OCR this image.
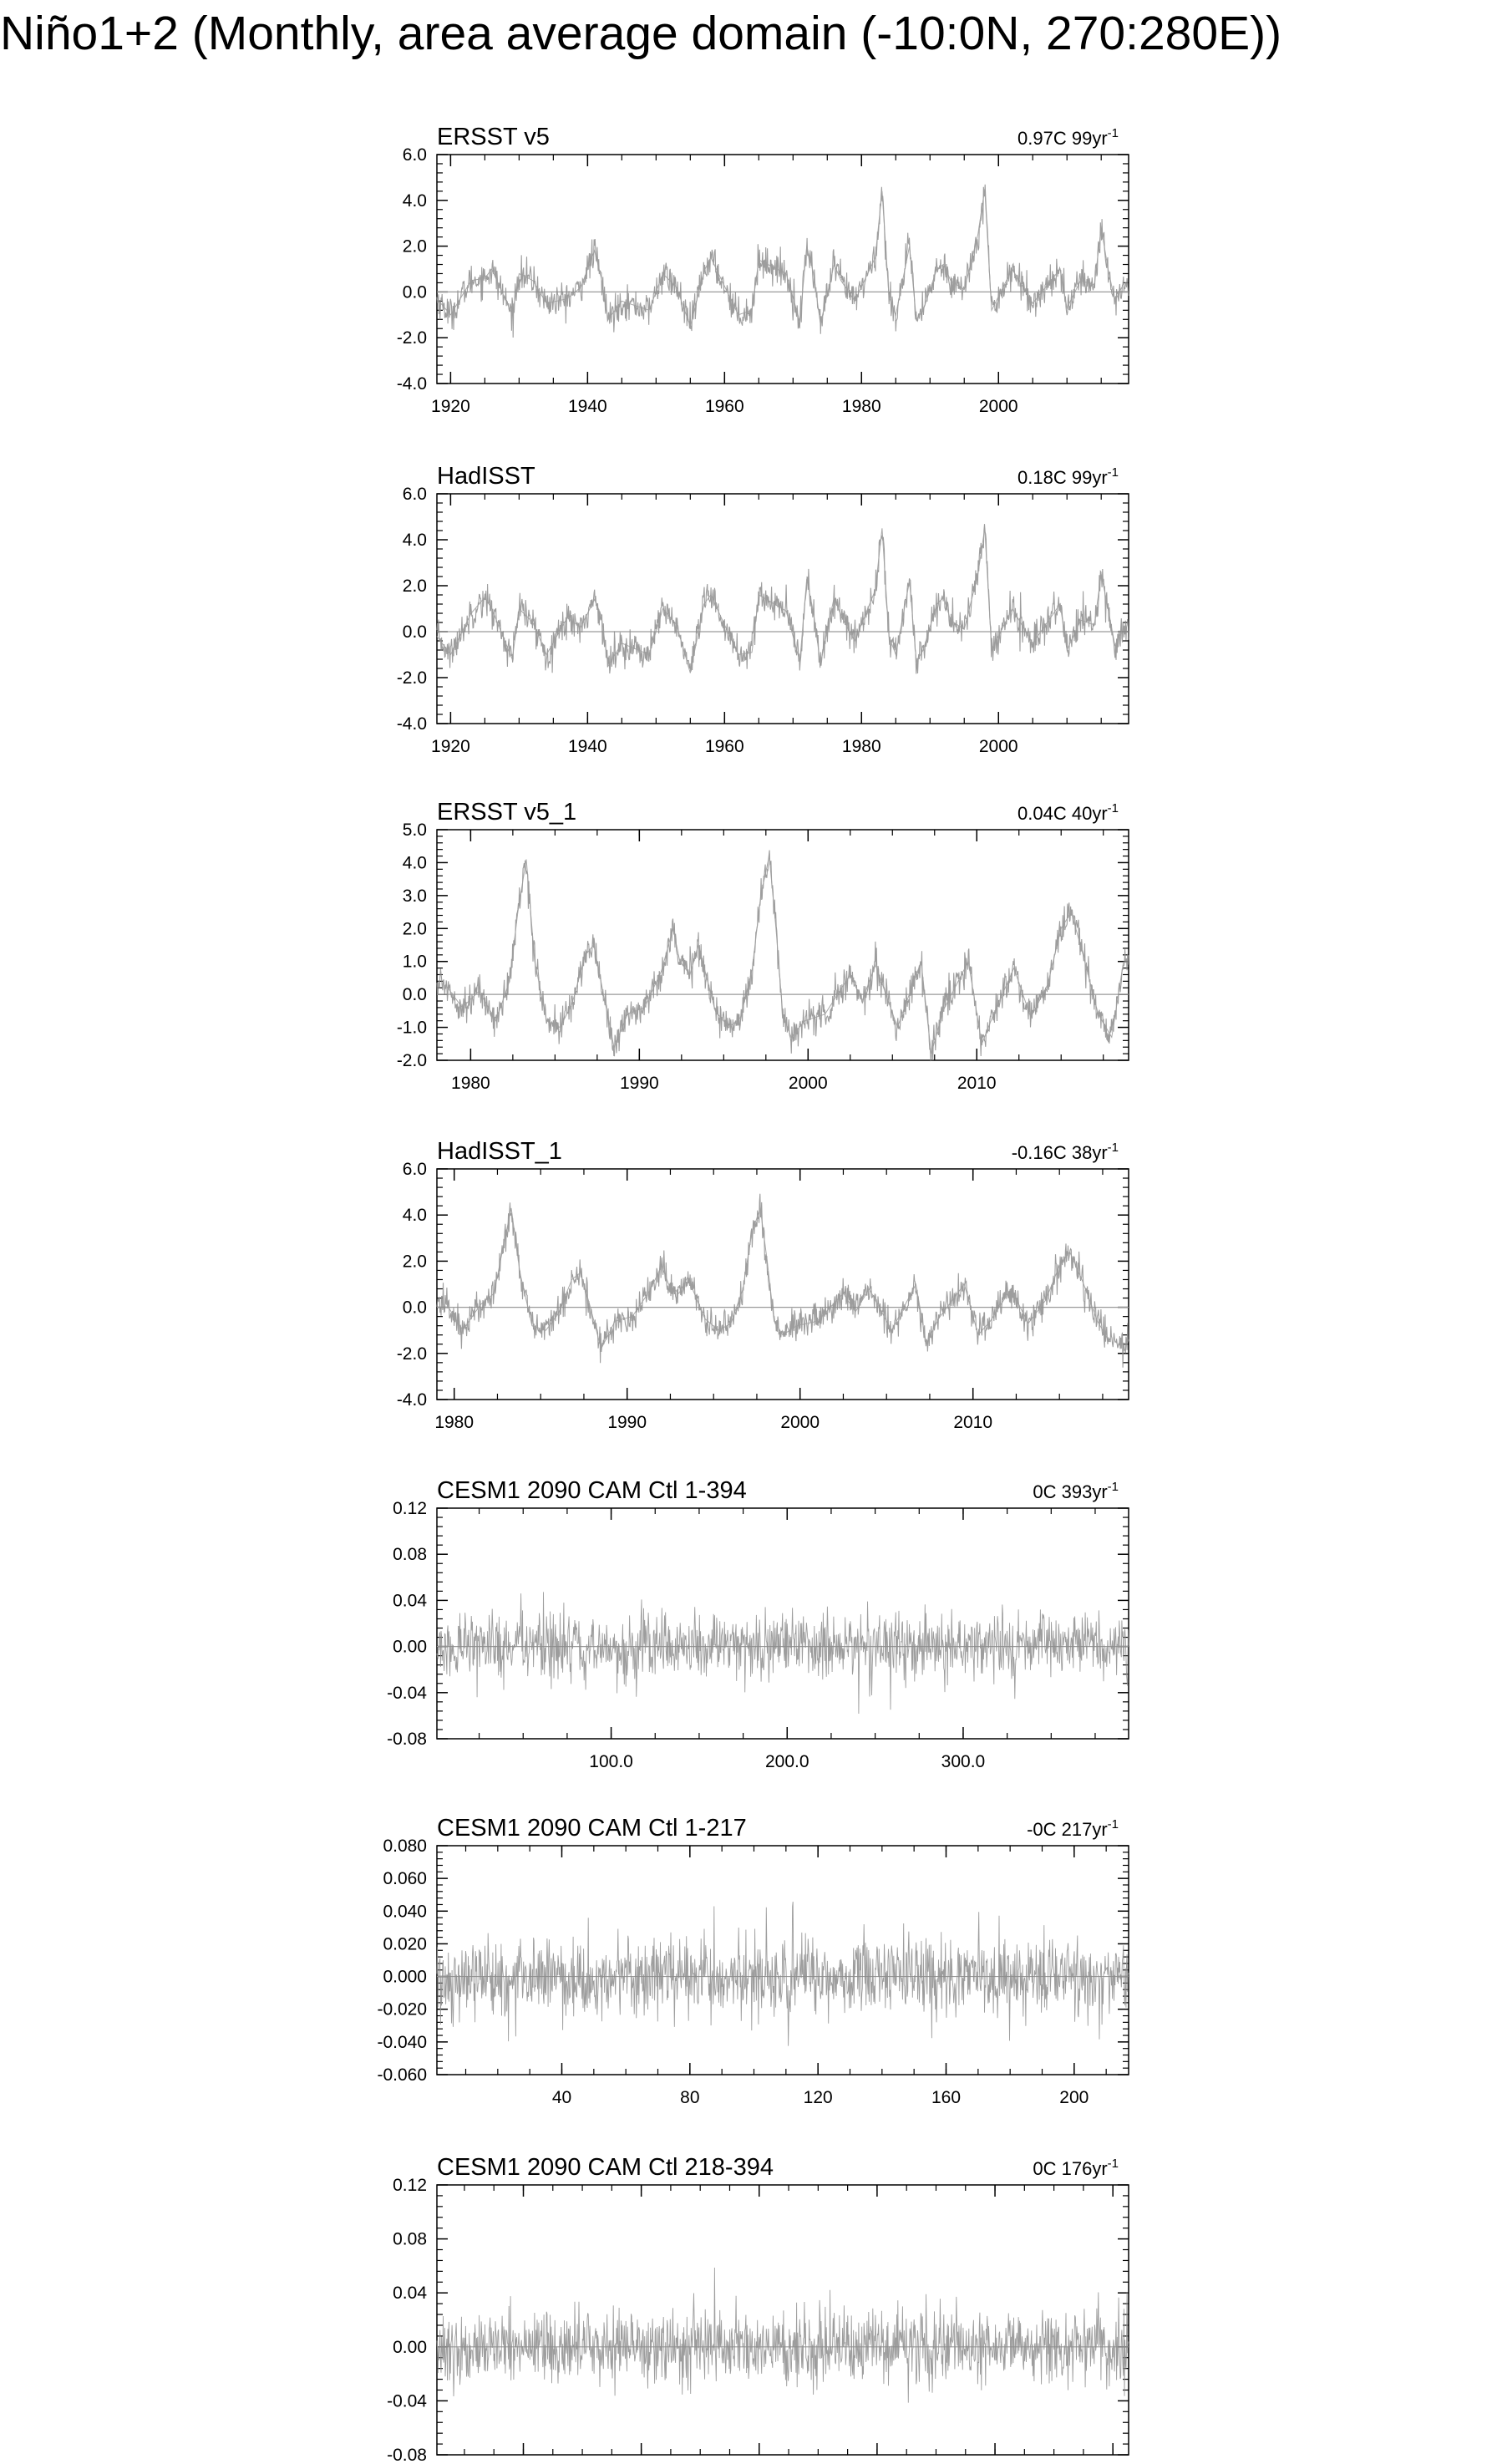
Niño1+2 (Monthly, area average domain (-10:0N, 270:280E))
ERSST v5	0.97C $99yr^{-1}$
-4.0
-2.0
0.0
2.0
4.0
6.0
1920	1940	1960	1980	2000
HadISST	0.18C $99yr^{-1}$
-4.0
-2.0
0.0
2.0
4.0
6.0
1920	1940	1960	1980	2000
ERSST v5_1	0.04C $40yr^{-1}$
-2.0
-1.0
0.0
1.0
2.0
3.0
4.0
5.0
1980	1990	2000	2010
HadISST_1	-0.16C $38yr^{-1}$
-4.0
-2.0
0.0
2.0
4.0
6.0
1980	1990	2000	2010
CESM1 2090 CAM Ctl 1-394	0C $393yr^{-1}$
-0.08
-0.04
0.00
0.04
0.08
0.12
100.0	200.0	300.0
CESM1 2090 CAM Ctl 1-217	-0C $217yr^{-1}$
-0.060
-0.040
-0.020
0.000
0.020
0.040
0.060
0.080
40	80	120	160	200
CESM1 2090 CAM Ctl 218-394	0C $176yr^{-1}$
-0.08
-0.04
0.00
0.04
0.08
0.12
